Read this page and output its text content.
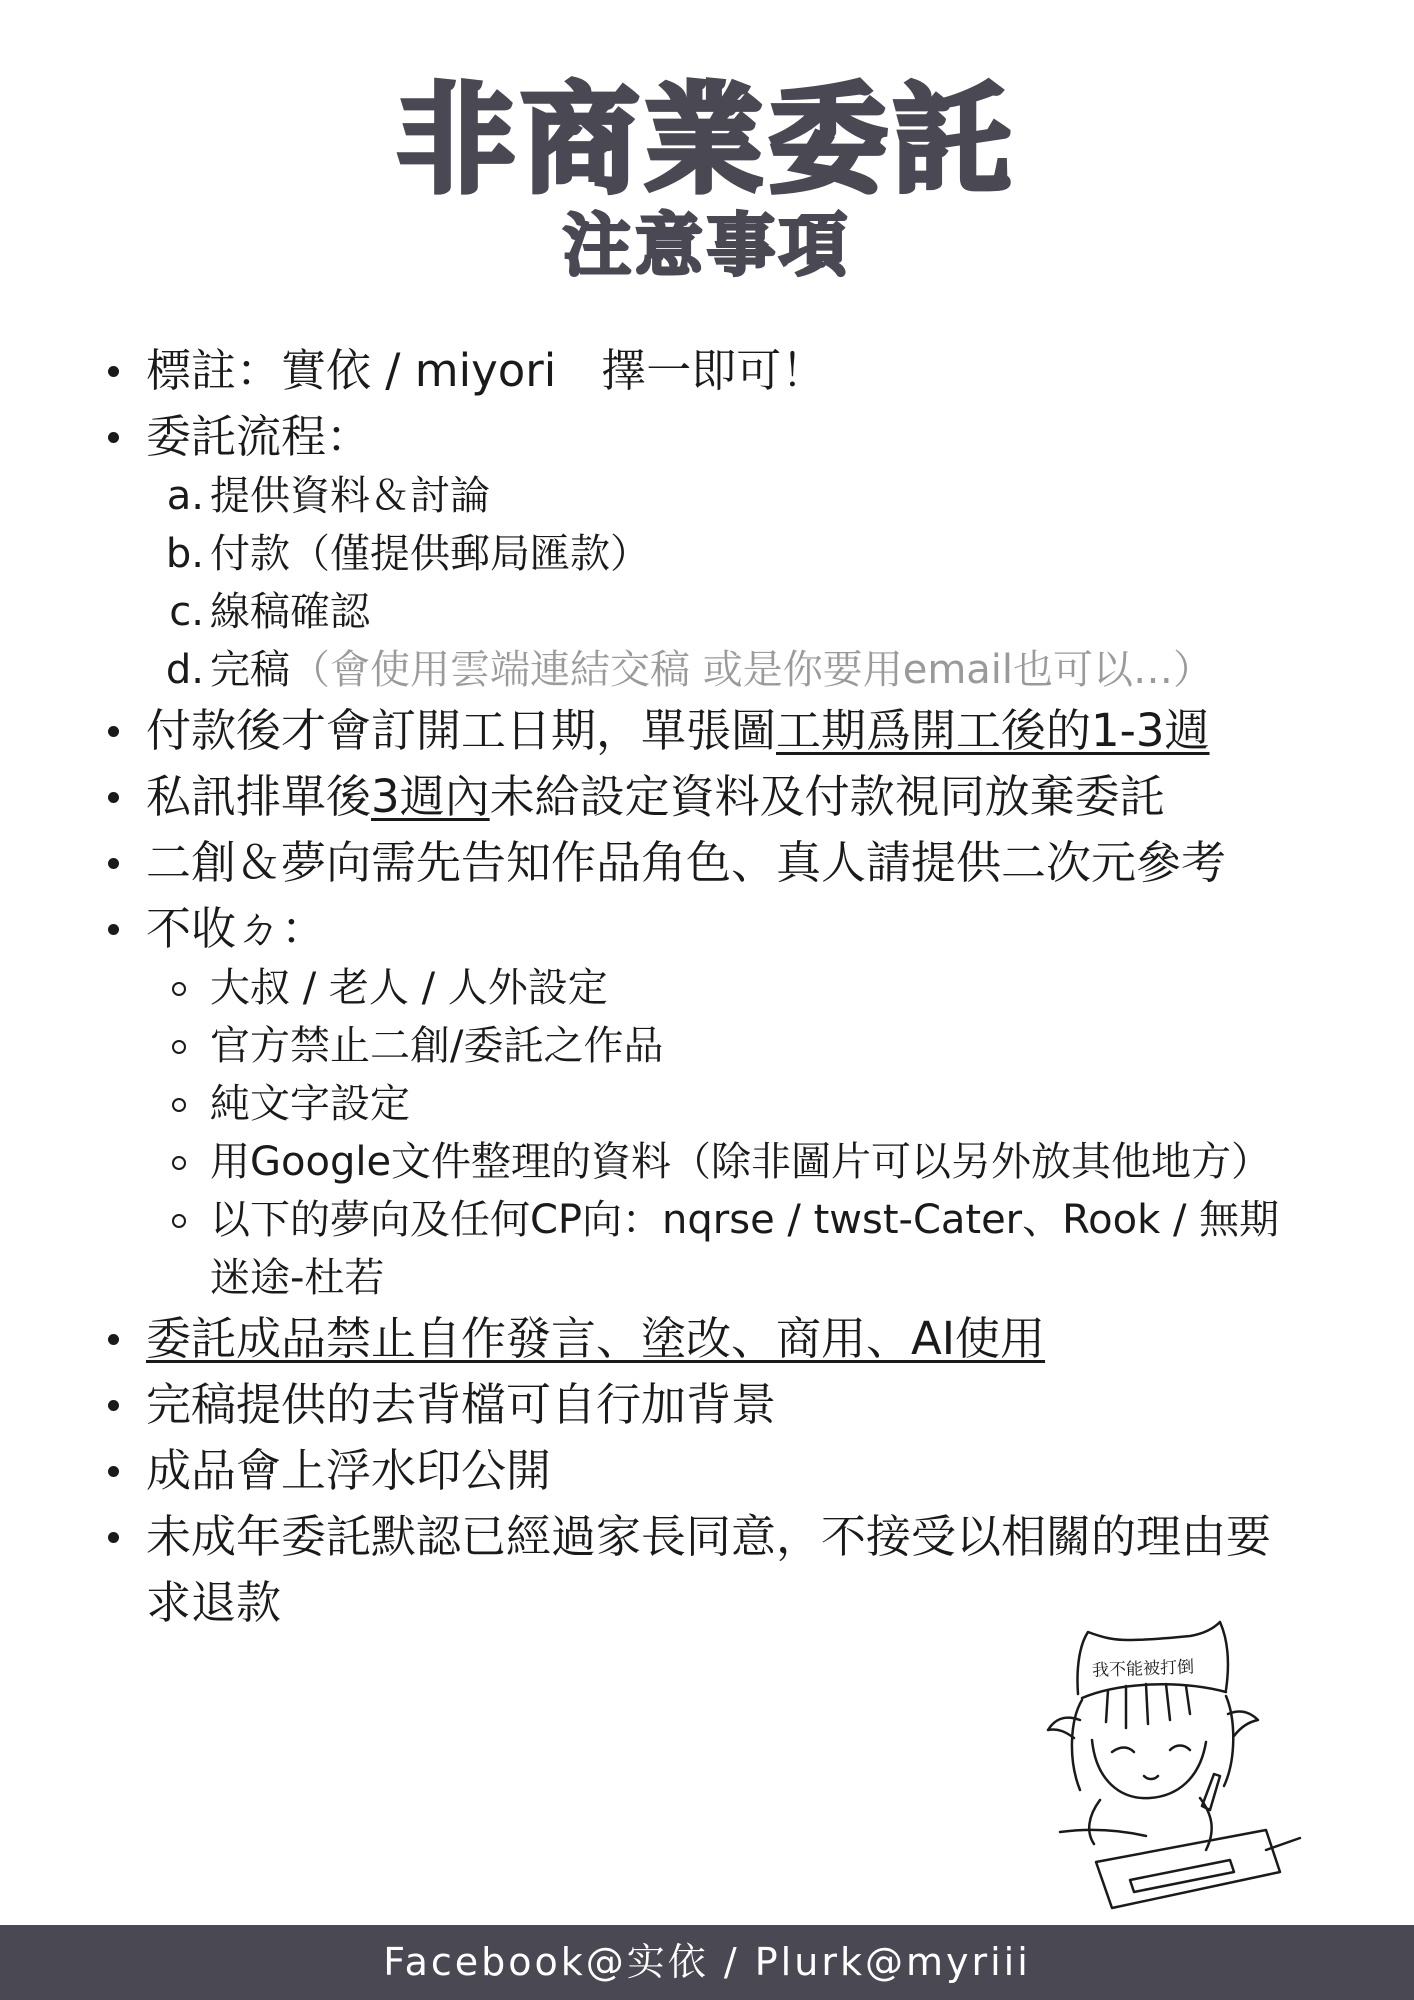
非商業委託
注意事項
標註：實依 / miyori　擇一即可！
委託流程：
a. 提供資料＆討論
b. 付款（僅提供郵局匯款）
c. 線稿確認
d. 完稿（會使用雲端連結交稿 或是你要用email也可以…）
付款後才會訂開工日期，單張圖工期爲開工後的1-3週
私訊排單後3週內未給設定資料及付款視同放棄委託
二創＆夢向需先告知作品角色、真人請提供二次元參考
不收ㄉ：
大叔 / 老人 / 人外設定
官方禁止二創/委託之作品
純文字設定
用Google文件整理的資料（除非圖片可以另外放其他地方）
以下的夢向及任何CP向：nqrse / twst-Cater、Rook / 無期
迷途-杜若
委託成品禁止自作發言、塗改、商用、AI使用
完稿提供的去背檔可自行加背景
成品會上浮水印公開
未成年委託默認已經過家長同意，不接受以相關的理由要
求退款
我不能被打倒
Facebook@实依 / Plurk@myriii
